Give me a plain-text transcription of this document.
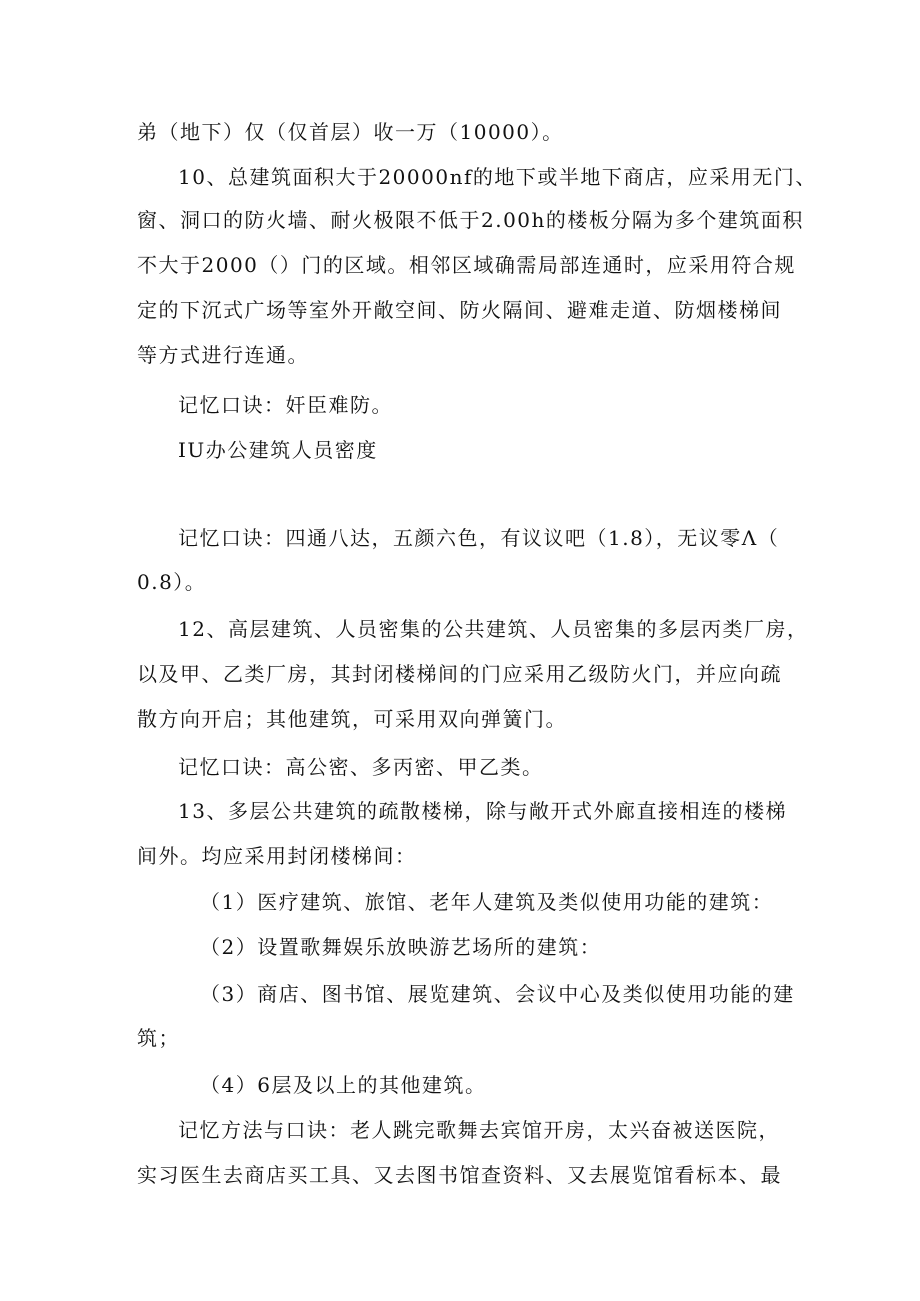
弟（地下）仅（仅首层）收一万（10000）。
10、总建筑面积大于20000nf的地下或半地下商店，应采用无门、
窗、洞口的防火墙、耐火极限不低于2.00h的楼板分隔为多个建筑面积
不大于2000（）门的区域。相邻区域确需局部连通时，应采用符合规
定的下沉式广场等室外开敞空间、防火隔间、避难走道、防烟楼梯间
等方式进行连通。
记忆口诀：奸臣难防。
IU办公建筑人员密度
记忆口诀：四通八达，五颜六色，有议议吧（1.8），无议零Λ（
0.8）。
12、高层建筑、人员密集的公共建筑、人员密集的多层丙类厂房，
以及甲、乙类厂房，其封闭楼梯间的门应采用乙级防火门，并应向疏
散方向开启；其他建筑，可采用双向弹簧门。
记忆口诀：高公密、多丙密、甲乙类。
13、多层公共建筑的疏散楼梯，除与敞开式外廊直接相连的楼梯
间外。均应采用封闭楼梯间：
（1）医疗建筑、旅馆、老年人建筑及类似使用功能的建筑：
（2）设置歌舞娱乐放映游艺场所的建筑：
（3）商店、图书馆、展览建筑、会议中心及类似使用功能的建
筑；
（4）6层及以上的其他建筑。
记忆方法与口诀：老人跳完歌舞去宾馆开房，太兴奋被送医院，
实习医生去商店买工具、又去图书馆查资料、又去展览馆看标本、最
